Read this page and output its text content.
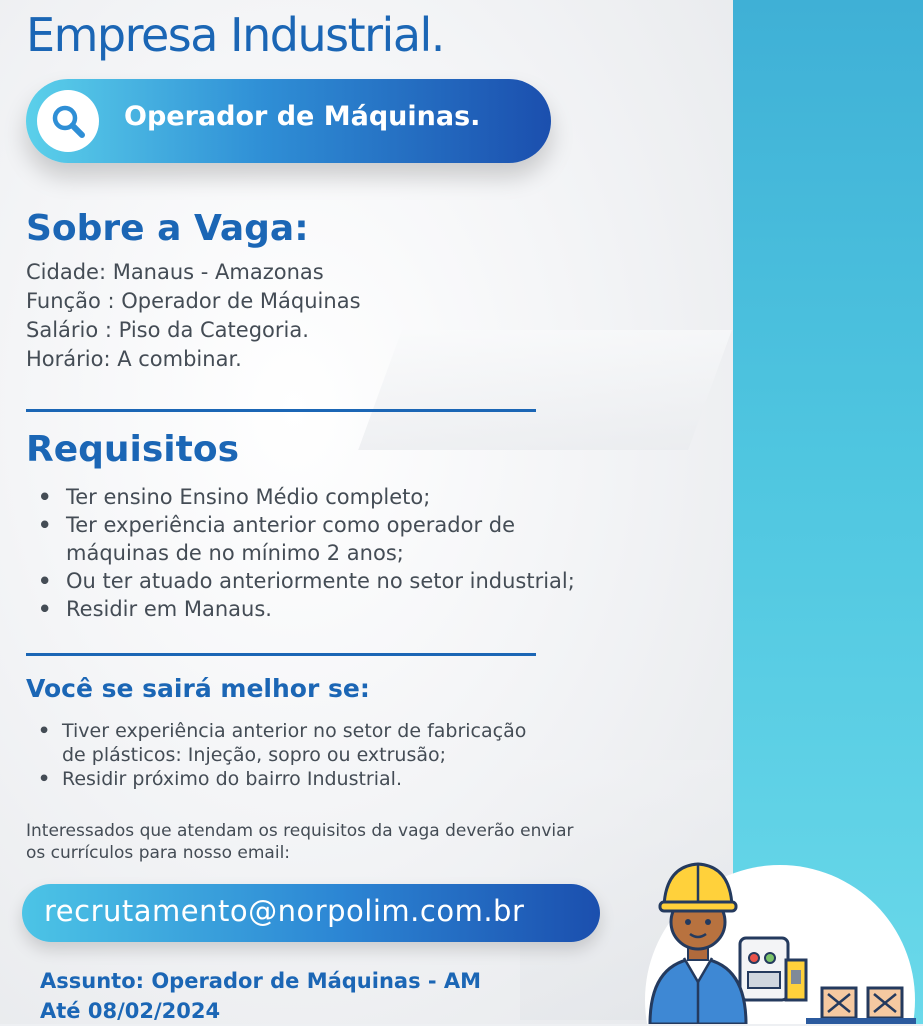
Empresa Industrial.
Operador de Máquinas.
Sobre a Vaga:
Cidade: Manaus - Amazonas
Função : Operador de Máquinas
Salário : Piso da Categoria.
Horário: A combinar.
Requisitos
• Ter ensino Ensino Médio completo;
• Ter experiência anterior como operador de
máquinas de no mínimo 2 anos;
• Ou ter atuado anteriormente no setor industrial;
• Residir em Manaus.
Você se sairá melhor se:
• Tiver experiência anterior no setor de fabricação
de plásticos: Injeção, sopro ou extrusão;
• Residir próximo do bairro Industrial.
Interessados que atendam os requisitos da vaga deverão enviar
os currículos para nosso email:
recrutamento@norpolim.com.br
Assunto: Operador de Máquinas - AM
Até 08/02/2024
